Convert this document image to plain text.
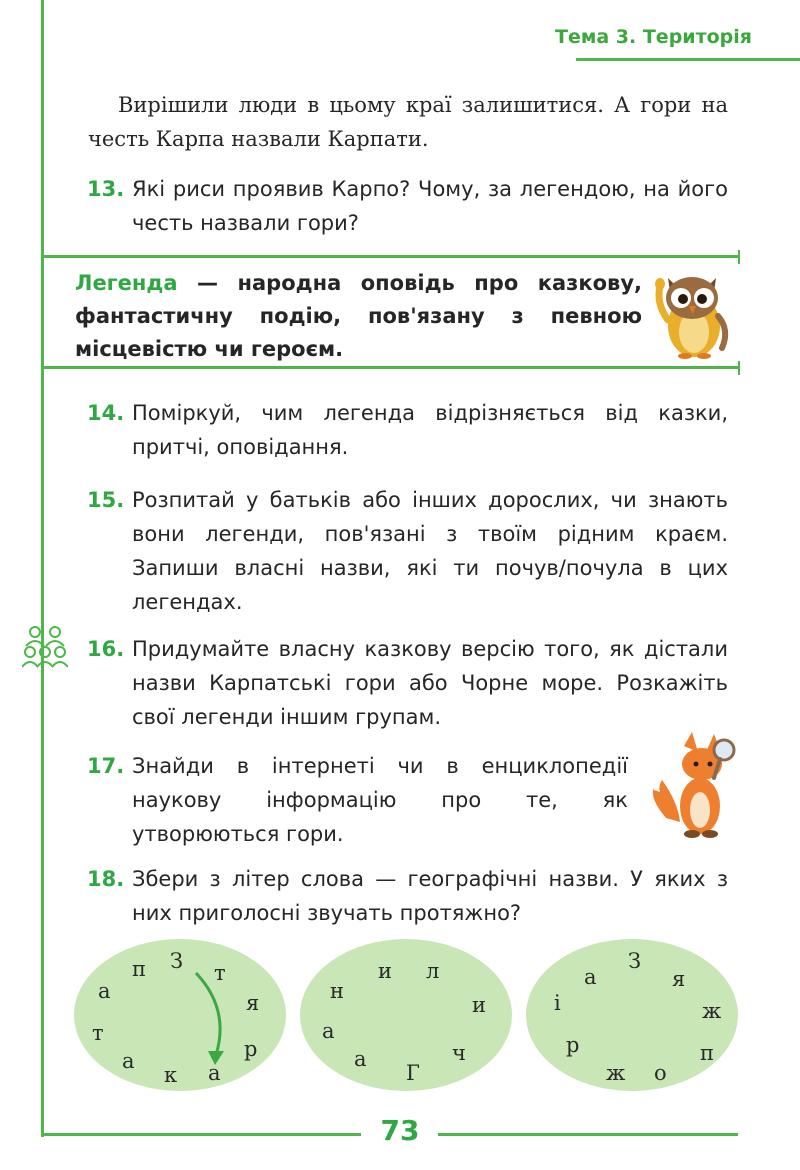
Тема 3. Територія

Вирішили люди в цьому краї залишитися. А гори на честь Карпа назвали Карпати.

13. Які риси проявив Карпо? Чому, за легендою, на його честь назвали гори?

Легенда — народна оповідь про казкову, фантастичну подію, пов'язану з певною місцевістю чи героєм.

14. Поміркуй, чим легенда відрізняється від казки, притчі, оповідання.

15. Розпитай у батьків або інших дорослих, чи знають вони легенди, пов'язані з твоїм рідним краєм. Запиши власні назви, які ти почув/почула в цих легендах.

16. Придумайте власну казкову версію того, як дістали назви Карпатські гори або Чорне море. Розкажіть свої легенди іншим групам.

17. Знайди в інтернеті чи в енциклопедії наукову інформацію про те, як утворюються гори.

18. Збери з літер слова — географічні назви. У яких з них приголосні звучать протяжно?

З т
я
р
а
к
а
т
а
п	и л
и
ч
Г
а
а
н
З
я
ж
п
о
ж
р
і
а

73
